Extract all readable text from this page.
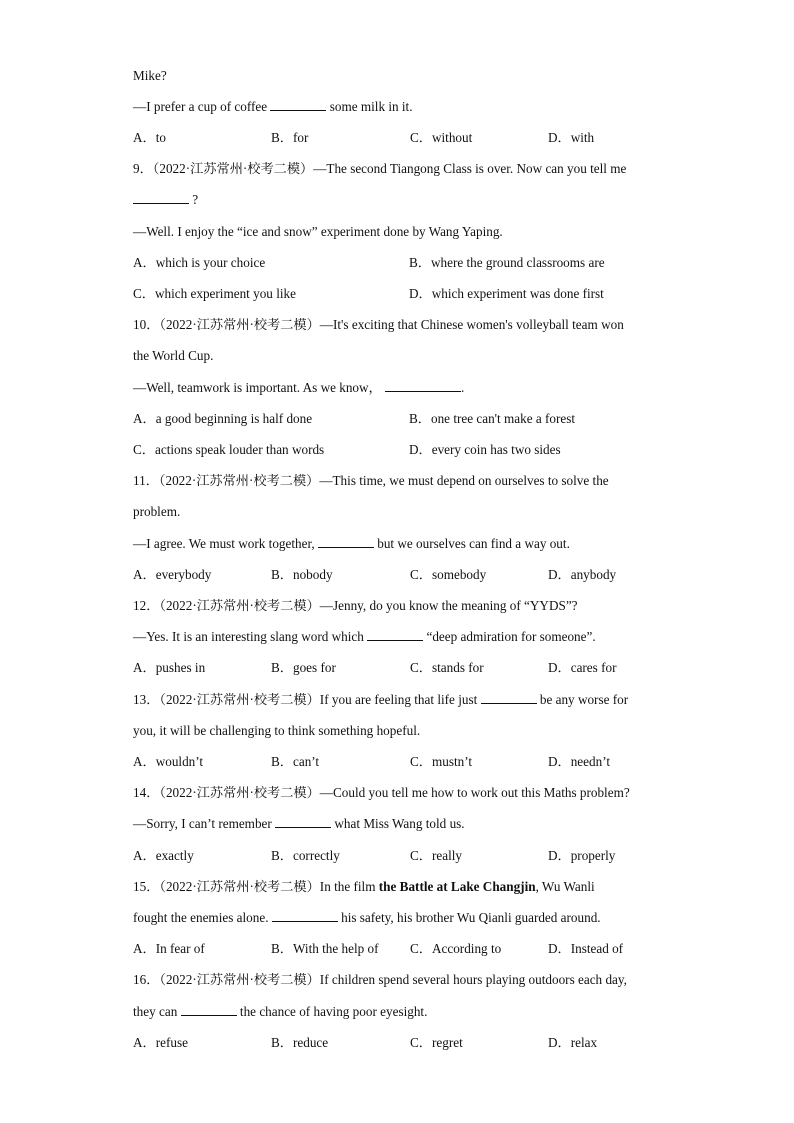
Mike?
—I prefer a cup of coffee	some milk in it.
A．to	B．for	C．without	D．with
9．（2022·江苏常州·校考二模）—The second Tiangong Class is over. Now can you tell me
?
—Well. I enjoy the “ice and snow” experiment done by Wang Yaping.
A．which is your choice	B．where the ground classrooms are
C．which experiment you like	D．which experiment was done first
10．（2022·江苏常州·校考二模）—It's exciting that Chinese women's volleyball team won
the World Cup.
—Well, teamwork is important. As we know，	.
A．a good beginning is half done	B．one tree can't make a forest
C．actions speak louder than words	D．every coin has two sides
11．（2022·江苏常州·校考二模）—This time, we must depend on ourselves to solve the
problem.
—I agree. We must work together,	but we ourselves can find a way out.
A．everybody	B．nobody	C．somebody	D．anybody
12．（2022·江苏常州·校考二模）—Jenny, do you know the meaning of “YYDS”?
—Yes. It is an interesting slang word which	“deep admiration for someone”.
A．pushes in	B．goes for	C．stands for	D．cares for
13．（2022·江苏常州·校考二模）If you are feeling that life just	be any worse for
you, it will be challenging to think something hopeful.
A．wouldn’t	B．can’t	C．mustn’t	D．needn’t
14．（2022·江苏常州·校考二模）—Could you tell me how to work out this Maths problem?
—Sorry, I can’t remember	what Miss Wang told us.
A．exactly	B．correctly	C．really	D．properly
15．（2022·江苏常州·校考二模）In the film the Battle at Lake Changjin, Wu Wanli
fought the enemies alone.	his safety, his brother Wu Qianli guarded around.
A．In fear of	B．With the help of C．According to	D．Instead of
16．（2022·江苏常州·校考二模）If children spend several hours playing outdoors each day,
they can	the chance of having poor eyesight.
A．refuse	B．reduce	C．regret	D．relax
